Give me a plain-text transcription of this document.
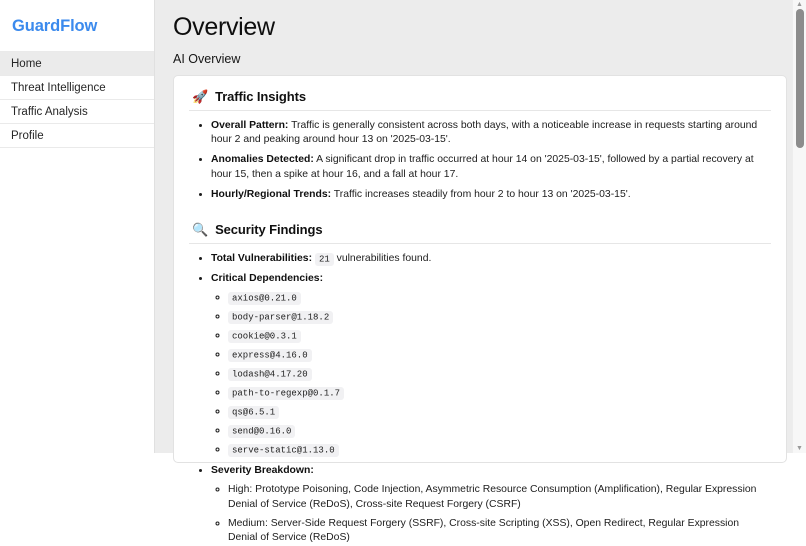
GuardFlow
Home
Threat Intelligence
Traffic Analysis
Profile
Overview
AI Overview
🚀 Traffic Insights
• Overall Pattern: Traffic is generally consistent across both days, with a noticeable increase in requests starting around hour 2 and peaking around hour 13 on '2025-03-15'.
• Anomalies Detected: A significant drop in traffic occurred at hour 14 on '2025-03-15', followed by a partial recovery at hour 15, then a spike at hour 16, and a fall at hour 17.
• Hourly/Regional Trends: Traffic increases steadily from hour 2 to hour 13 on '2025-03-15'.
🔍 Security Findings
• Total Vulnerabilities: 21 vulnerabilities found.
• Critical Dependencies:
◦ axios@0.21.0
◦ body-parser@1.18.2
◦ cookie@0.3.1
◦ express@4.16.0
◦ lodash@4.17.20
◦ path-to-regexp@0.1.7
◦ qs@6.5.1
◦ send@0.16.0
◦ serve-static@1.13.0
• Severity Breakdown:
◦ High: Prototype Poisoning, Code Injection, Asymmetric Resource Consumption (Amplification), Regular Expression Denial of Service (ReDoS), Cross-site Request Forgery (CSRF)
◦ Medium: Server-Side Request Forgery (SSRF), Cross-site Scripting (XSS), Open Redirect, Regular Expression Denial of Service (ReDoS)
▲
▼
